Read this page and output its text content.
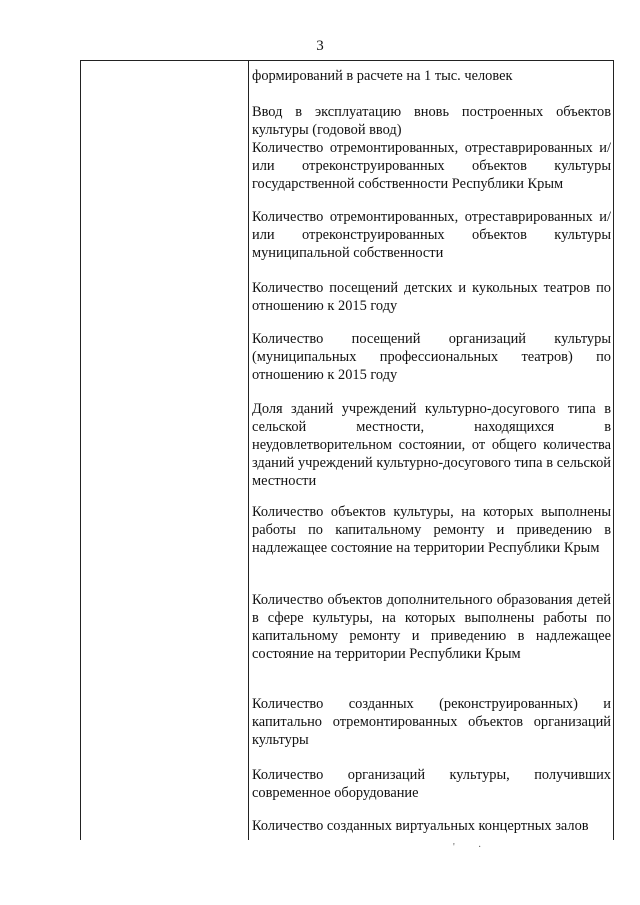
3
формирований в расчете на 1 тыс. человек
Ввод в эксплуатацию вновь построенных объектов культуры (годовой ввод)
Количество отремонтированных, отреставрированных и/или отреконструированных объектов культуры государственной собственности Республики Крым
Количество отремонтированных, отреставрированных и/или отреконструированных объектов культуры муниципальной собственности
Количество посещений детских и кукольных театров по отношению к 2015 году
Количество посещений организаций культуры (муниципальных профессиональных театров) по отношению к 2015 году
Доля зданий учреждений культурно-досугового типа в сельской местности, находящихся в неудовлетворительном состоянии, от общего количества зданий учреждений культурно-досугового типа в сельской местности
Количество объектов культуры, на которых выполнены работы по капитальному ремонту и приведению в надлежащее состояние на территории Республики Крым
Количество объектов дополнительного образования детей в сфере культуры, на которых выполнены работы по капитальному ремонту и приведению в надлежащее состояние на территории Республики Крым
Количество созданных (реконструированных) и капитально отремонтированных объектов организаций культуры
Количество организаций культуры, получивших современное оборудование
Количество созданных виртуальных концертных залов
' ·
